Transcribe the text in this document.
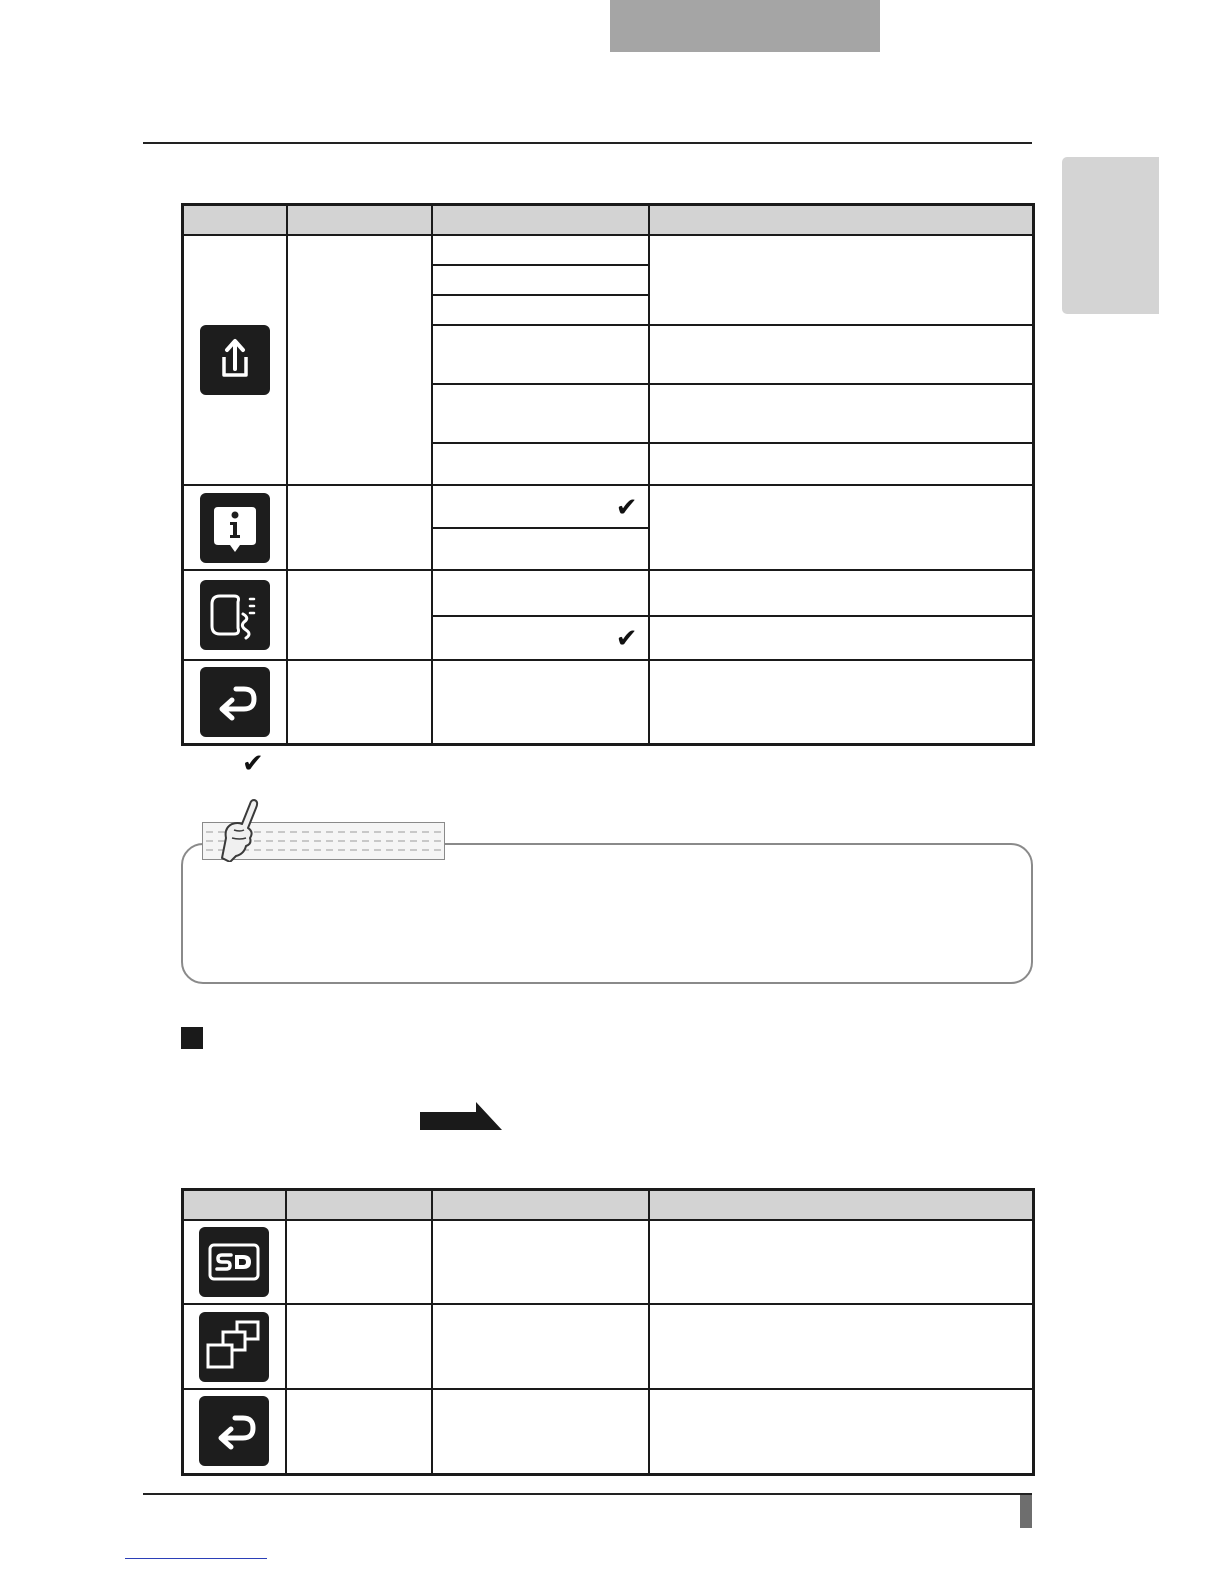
		✔	

		✔	

✔
